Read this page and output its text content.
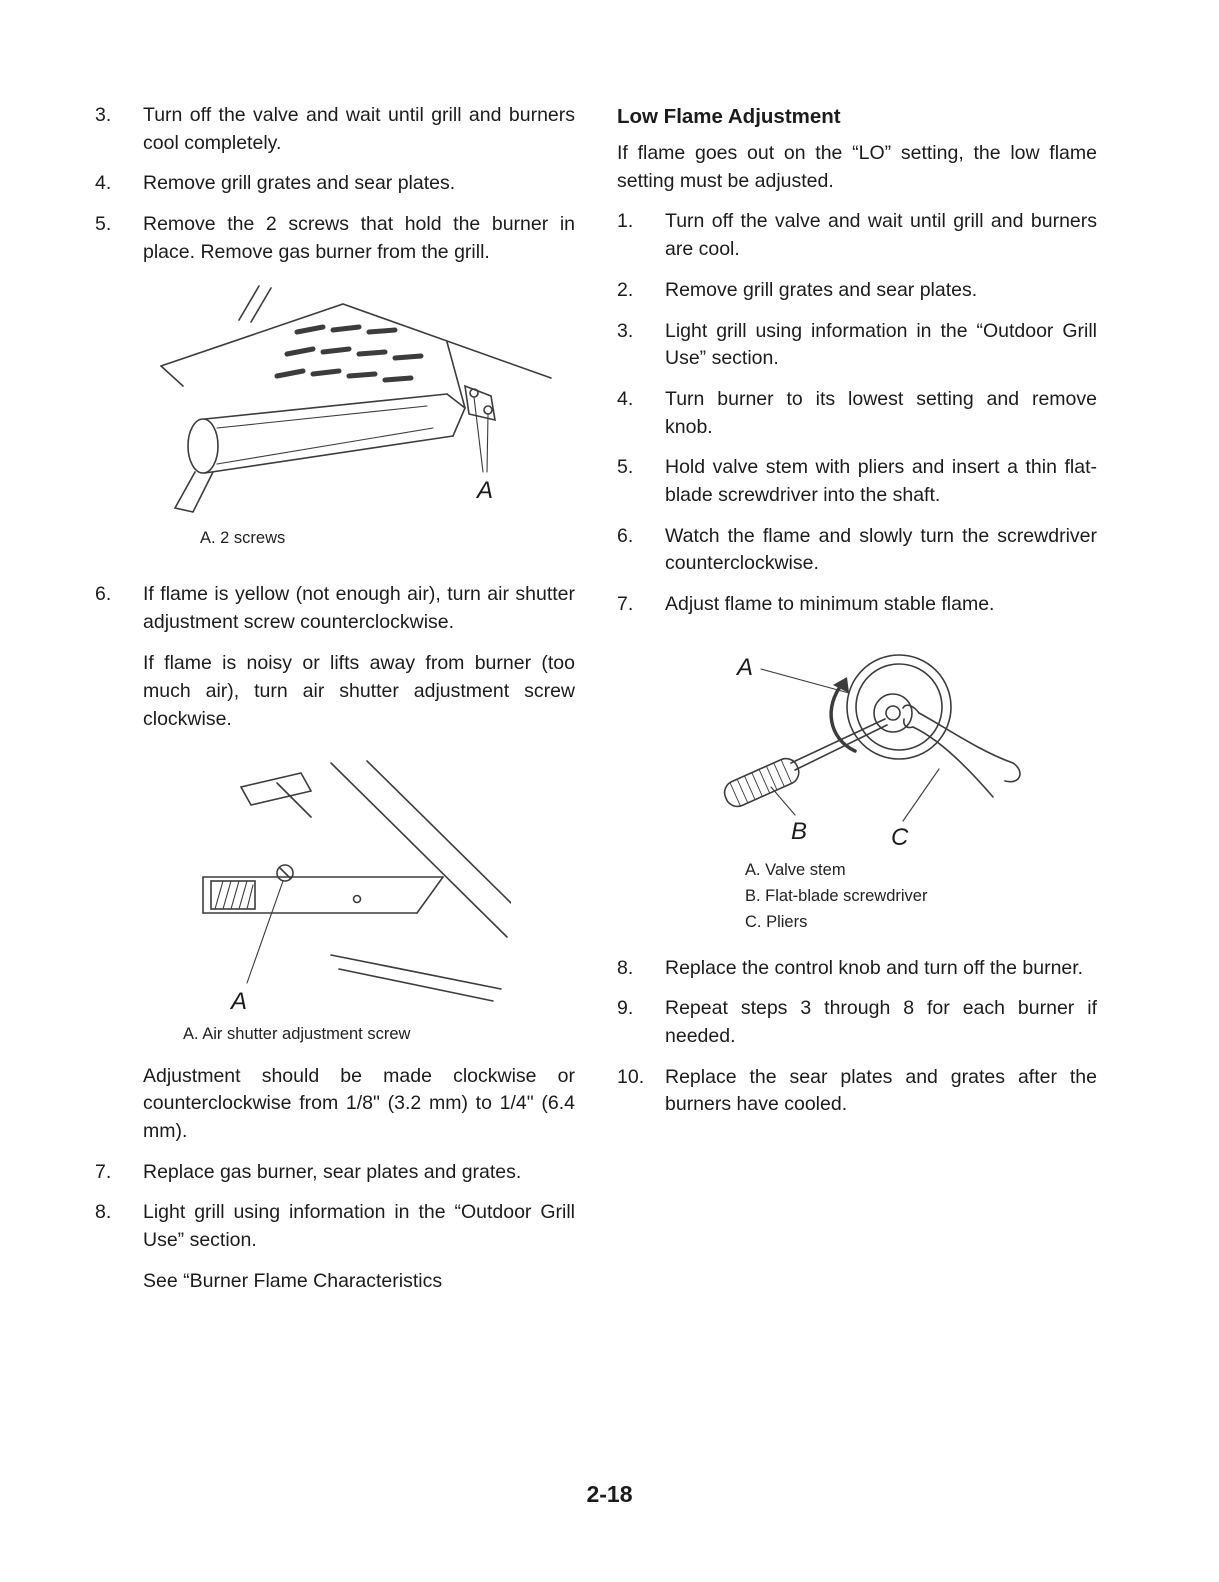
3.	Turn off the valve and wait until grill and burners cool completely.
4.	Remove grill grates and sear plates.
5.	Remove the 2 screws that hold the burner in place. Remove gas burner from the grill.
A
A. 2 screws
6.	If flame is yellow (not enough air), turn air shutter adjustment screw counterclockwise.

If flame is noisy or lifts away from burner (too much air), turn air shutter adjustment screw clockwise.

A
A. Air shutter adjustment screw
Adjustment should be made clockwise or counterclockwise from 1/8" (3.2 mm) to 1/4" (6.4 mm).
7.	Replace gas burner, sear plates and grates.
8.	Light grill using information in the “Outdoor Grill Use” section.
See “Burner Flame Characteristics
Low Flame Adjustment
If flame goes out on the “LO” setting, the low flame setting must be adjusted.
1.	Turn off the valve and wait until grill and burners are cool.
2.	Remove grill grates and sear plates.
3.	Light grill using information in the “Outdoor Grill Use” section.
4.	Turn burner to its lowest setting and remove knob.
5.	Hold valve stem with pliers and insert a thin flat-blade screwdriver into the shaft.
6.	Watch the flame and slowly turn the screwdriver counterclockwise.
7.	Adjust flame to minimum stable flame.
A
B	C
A. Valve stem
B. Flat-blade screwdriver
C. Pliers
8.	Replace the control knob and turn off the burner.
9.	Repeat steps 3 through 8 for each burner if needed.
10.	Replace the sear plates and grates after the burners have cooled.
2-18
